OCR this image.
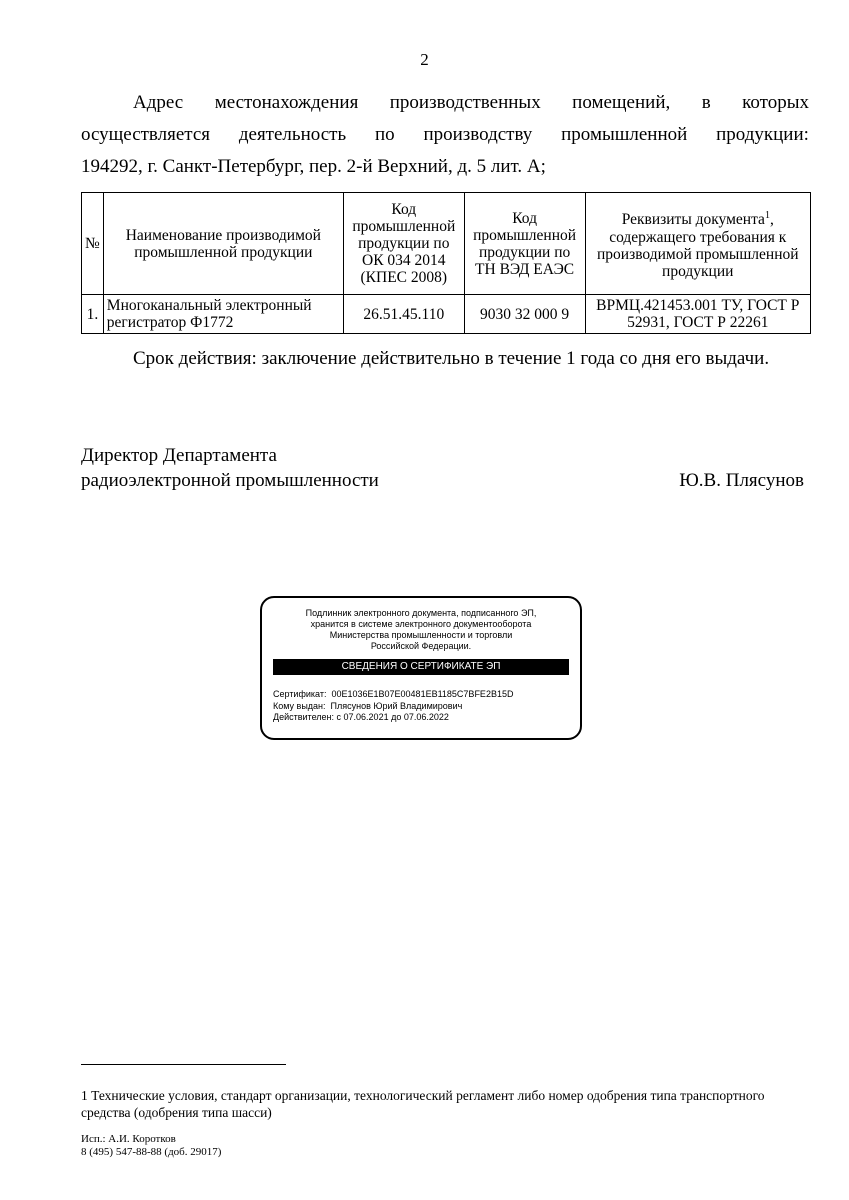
2
Адрес местонахождения производственных помещений, в которых
осуществляется деятельность по производству промышленной продукции:
194292, г. Санкт-Петербург, пер. 2-й Верхний, д. 5 лит. А;
№	Наименование производимой промышленной продукции	Код промышленной продукции по ОК 034 2014 (КПЕС 2008)	Код промышленной продукции по ТН ВЭД ЕАЭС	Реквизиты документа$^1$, содержащего требования к производимой промышленной продукции
1.	Многоканальный электронный регистратор Ф1772	26.51.45.110	9030 32 000 9	ВРМЦ.421453.001 ТУ, ГОСТ Р 52931, ГОСТ Р 22261
Срок действия: заключение действительно в течение 1 года со дня его выдачи.
Директор Департамента
радиоэлектронной промышленности	Ю.В. Плясунов
Подлинник электронного документа, подписанного ЭП,
хранится в системе электронного документооборота
Министерства промышленности и торговли
Российской Федерации.
СВЕДЕНИЯ О СЕРТИФИКАТЕ ЭП
Сертификат: 00E1036E1B07E00481EB1185C7BFE2B15D
Кому выдан: Плясунов Юрий Владимирович
Действителен: с 07.06.2021 до 07.06.2022
1 Технические условия, стандарт организации, технологический регламент либо номер одобрения типа транспортного средства (одобрения типа шасси)
Исп.: А.И. Коротков
8 (495) 547-88-88 (доб. 29017)
